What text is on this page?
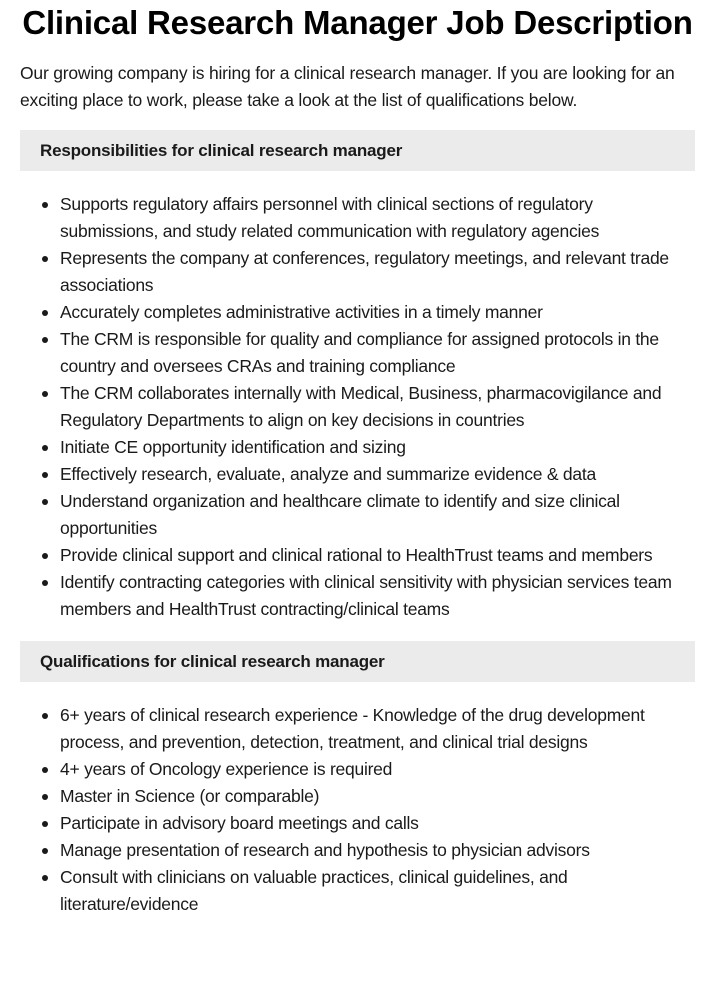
Clinical Research Manager Job Description

Our growing company is hiring for a clinical research manager. If you are looking for an exciting place to work, please take a look at the list of qualifications below.

Responsibilities for clinical research manager
Supports regulatory affairs personnel with clinical sections of regulatory submissions, and study related communication with regulatory agencies
Represents the company at conferences, regulatory meetings, and relevant trade associations
Accurately completes administrative activities in a timely manner
The CRM is responsible for quality and compliance for assigned protocols in the country and oversees CRAs and training compliance
The CRM collaborates internally with Medical, Business, pharmacovigilance and Regulatory Departments to align on key decisions in countries
Initiate CE opportunity identification and sizing
Effectively research, evaluate, analyze and summarize evidence & data
Understand organization and healthcare climate to identify and size clinical opportunities
Provide clinical support and clinical rational to HealthTrust teams and members
Identify contracting categories with clinical sensitivity with physician services team members and HealthTrust contracting/clinical teams
Qualifications for clinical research manager
6+ years of clinical research experience - Knowledge of the drug development process, and prevention, detection, treatment, and clinical trial designs
4+ years of Oncology experience is required
Master in Science (or comparable)
Participate in advisory board meetings and calls
Manage presentation of research and hypothesis to physician advisors
Consult with clinicians on valuable practices, clinical guidelines, and literature/evidence
